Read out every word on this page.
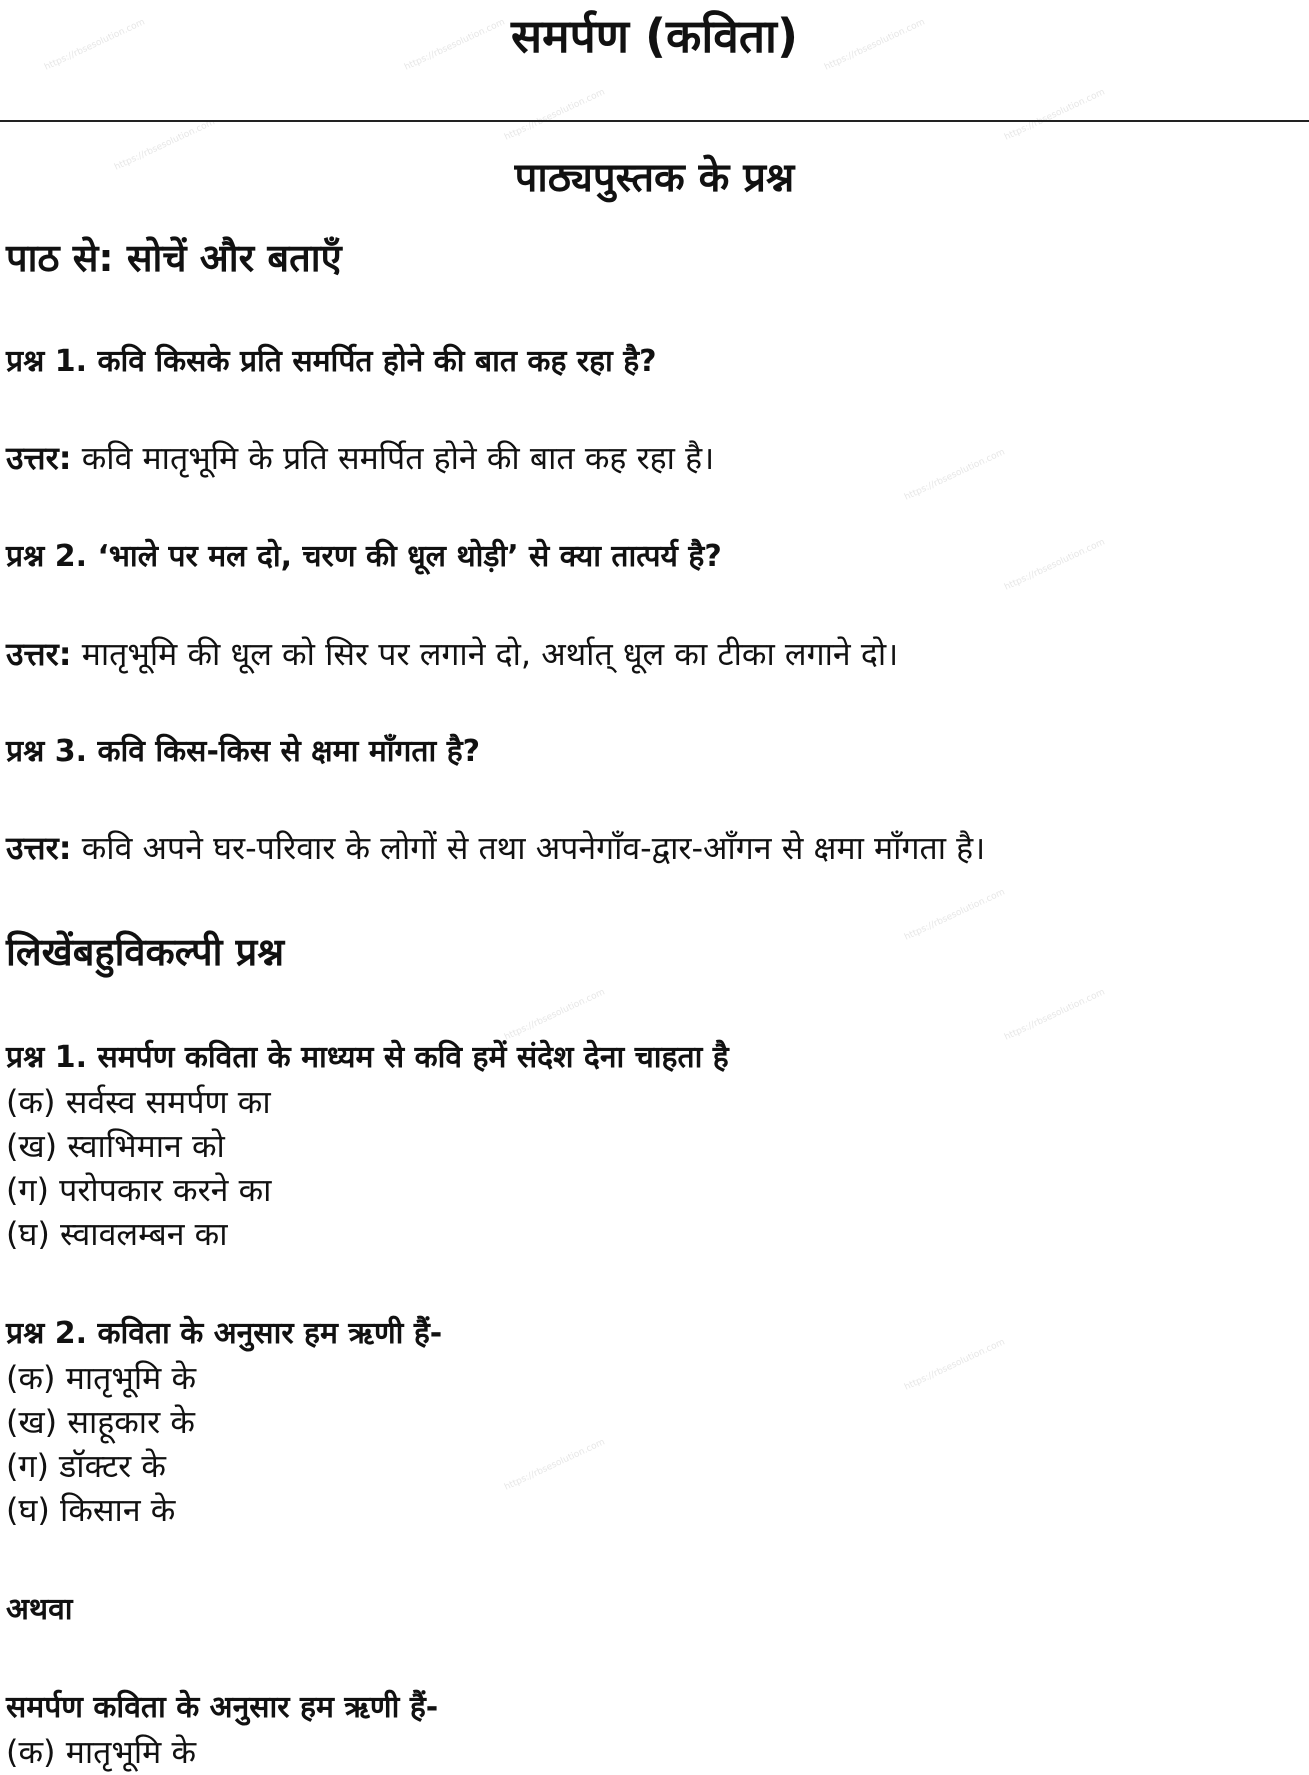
https://rbsesolution.com	https://rbsesolution.com	https://rbsesolution.com
https://rbsesolution.com
https://rbsesolution.com	https://rbsesolution.com
https://rbsesolution.com
https://rbsesolution.com
https://rbsesolution.com
https://rbsesolution.com	https://rbsesolution.com
https://rbsesolution.com
https://rbsesolution.com
समर्पण (कविता)
पाठ्यपुस्तक के प्रश्न
पाठ से: सोचें और बताएँ
प्रश्न 1. कवि किसके प्रति समर्पित होने की बात कह रहा है?
उत्तर: कवि मातृभूमि के प्रति समर्पित होने की बात कह रहा है।
प्रश्न 2. ‘भाले पर मल दो, चरण की धूल थोड़ी’ से क्या तात्पर्य है?
उत्तर: मातृभूमि की धूल को सिर पर लगाने दो, अर्थात् धूल का टीका लगाने दो।
प्रश्न 3. कवि किस-किस से क्षमा माँगता है?
उत्तर: कवि अपने घर-परिवार के लोगों से तथा अपनेगाँव-द्वार-आँगन से क्षमा माँगता है।
लिखेंबहुविकल्पी प्रश्न
प्रश्न 1. समर्पण कविता के माध्यम से कवि हमें संदेश देना चाहता है
(क) सर्वस्व समर्पण का
(ख) स्वाभिमान को
(ग) परोपकार करने का
(घ) स्वावलम्बन का
प्रश्न 2. कविता के अनुसार हम ऋणी हैं-
(क) मातृभूमि के
(ख) साहूकार के
(ग) डॉक्टर के
(घ) किसान के
अथवा
समर्पण कविता के अनुसार हम ऋणी हैं-
(क) मातृभूमि के
